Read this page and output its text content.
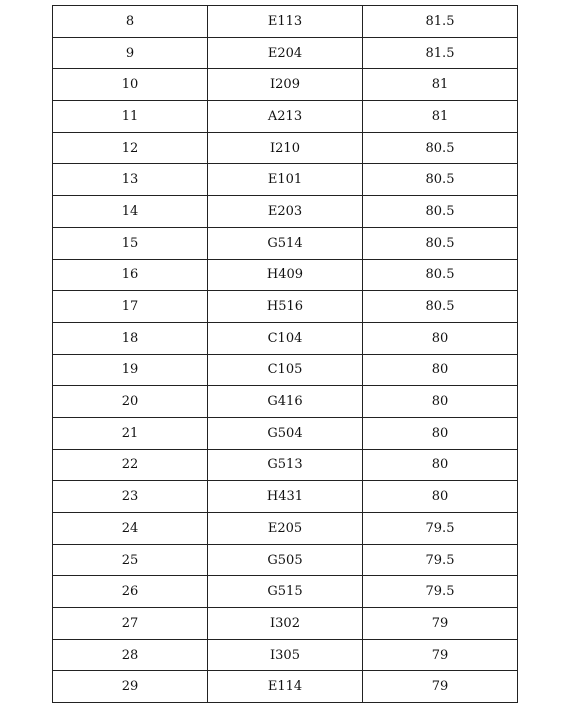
8	E113	81.5
9	E204	81.5
10	I209	81
11	A213	81
12	I210	80.5
13	E101	80.5
14	E203	80.5
15	G514	80.5
16	H409	80.5
17	H516	80.5
18	C104	80
19	C105	80
20	G416	80
21	G504	80
22	G513	80
23	H431	80
24	E205	79.5
25	G505	79.5
26	G515	79.5
27	I302	79
28	I305	79
29	E114	79
